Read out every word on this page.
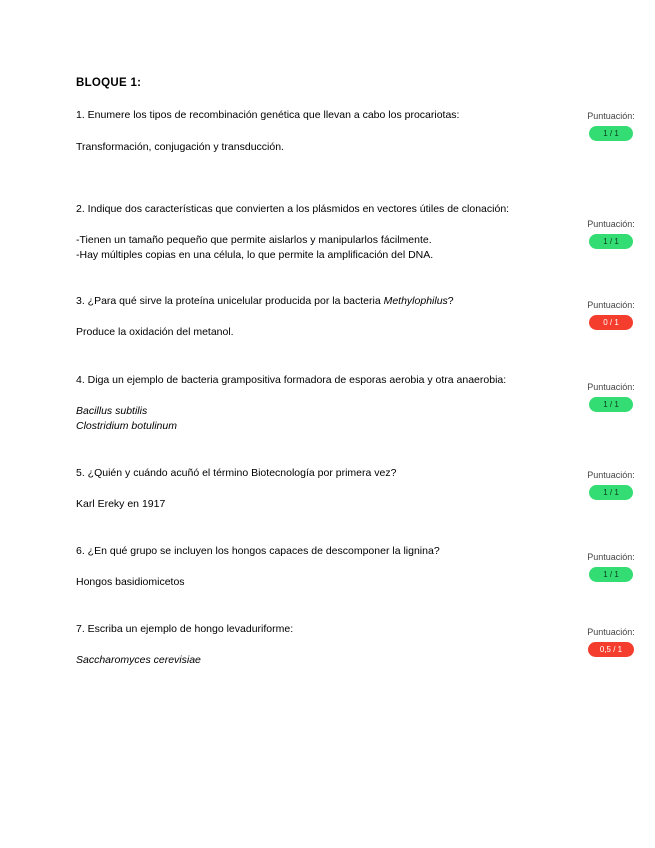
BLOQUE 1:

1. Enumere los tipos de recombinación genética que llevan a cabo los procariotas:

Transformación, conjugación y transducción.
Puntuación:
1 / 1

2. Indique dos características que convierten a los plásmidos en vectores útiles de clonación:

-Tienen un tamaño pequeño que permite aislarlos y manipularlos fácilmente.
-Hay múltiples copias en una célula, lo que permite la amplificación del DNA.
Puntuación:
1 / 1

3. ¿Para qué sirve la proteína unicelular producida por la bacteria Methylophilus?

Produce la oxidación del metanol.
Puntuación:
0 / 1

4. Diga un ejemplo de bacteria grampositiva formadora de esporas aerobia y otra anaerobia:

Bacillus subtilis
Clostridium botulinum
Puntuación:
1 / 1

5. ¿Quién y cuándo acuñó el término Biotecnología por primera vez?

Karl Ereky en 1917
Puntuación:
1 / 1

6. ¿En qué grupo se incluyen los hongos capaces de descomponer la lignina?

Hongos basidiomicetos
Puntuación:
1 / 1

7. Escriba un ejemplo de hongo levaduriforme:

Saccharomyces cerevisiae
Puntuación:
0,5 / 1
